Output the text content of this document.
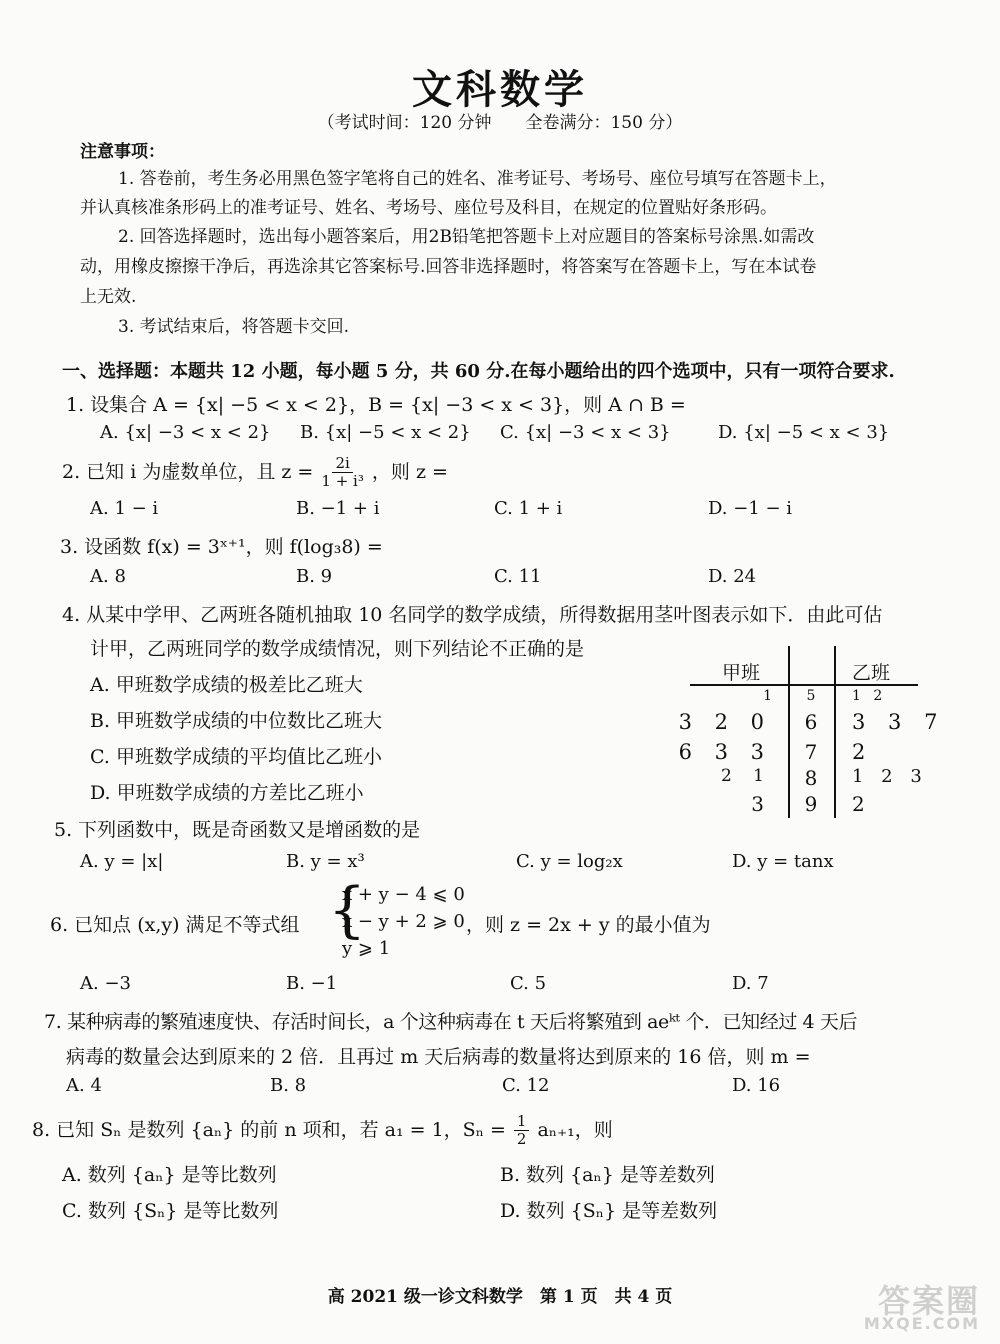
文科数学
（考试时间：120 分钟　　全卷满分：150 分）
注意事项：
1. 答卷前，考生务必用黑色签字笔将自己的姓名、准考证号、考场号、座位号填写在答题卡上，
并认真核准条形码上的准考证号、姓名、考场号、座位号及科目，在规定的位置贴好条形码。
2. 回答选择题时，选出每小题答案后，用2B铅笔把答题卡上对应题目的答案标号涂黑.如需改
动，用橡皮擦擦干净后，再选涂其它答案标号.回答非选择题时，将答案写在答题卡上，写在本试卷
上无效.
3. 考试结束后，将答题卡交回.
一、选择题：本题共 12 小题，每小题 5 分，共 60 分.在每小题给出的四个选项中，只有一项符合要求.
1. 设集合 A = {x| −5 < x < 2}，B = {x| −3 < x < 3}，则 A ∩ B =
A. {x| −3 < x < 2} B. {x| −5 < x < 2} C. {x| −3 < x < 3}	D. {x| −5 < x < 3}
2. 已知 i 为虚数单位，且 $z = \frac{2i}{\text{1 + i³}}$ ，则 z =
A. 1 − i	B. −1 + i	C. 1 + i	D. −1 − i
3. 设函数 f(x) = 3ˣ⁺¹，则 f(log₃8) =
A. 8	B. 9	C. 11	D. 24
4. 从某中学甲、乙两班各随机抽取 10 名同学的数学成绩，所得数据用茎叶图表示如下．由此可估
计甲，乙两班同学的数学成绩情况，则下列结论不正确的是
A. 甲班数学成绩的极差比乙班大
B. 甲班数学成绩的中位数比乙班大
C. 甲班数学成绩的平均值比乙班小
D. 甲班数学成绩的方差比乙班小
甲班	乙班
1	5	1 2
3 2 0	6	3 3 7
6 3 3	7	2
2 1	8	1 2 3
3	9	2
5. 下列函数中，既是奇函数又是增函数的是
A. y = |x|	B. y = x³	C. y = log₂x	D. y = tanx
6. 已知点 (x,y) 满足不等式组 {
x + y − 4 ⩽ 0
x − y + 2 ⩾ 0
y ⩾ 1
，则 z = 2x + y 的最小值为
A. −3	B. −1	C. 5	D. 7
7. 某种病毒的繁殖速度快、存活时间长，a 个这种病毒在 t 天后将繁殖到 aeᵏᵗ 个．已知经过 4 天后
病毒的数量会达到原来的 2 倍．且再过 m 天后病毒的数量将达到原来的 16 倍，则 m =
A. 4	B. 8	C. 12	D. 16
8. 已知 Sₙ 是数列 {aₙ} 的前 n 项和，若 a₁ = 1，$S_n = \frac{1}{2} a_{n+1}$，则
A. 数列 {aₙ} 是等比数列	B. 数列 {aₙ} 是等差数列
C. 数列 {Sₙ} 是等比数列	D. 数列 {Sₙ} 是等差数列
高 2021 级一诊文科数学　第 1 页　共 4 页	答案圈
MXQE.COM
